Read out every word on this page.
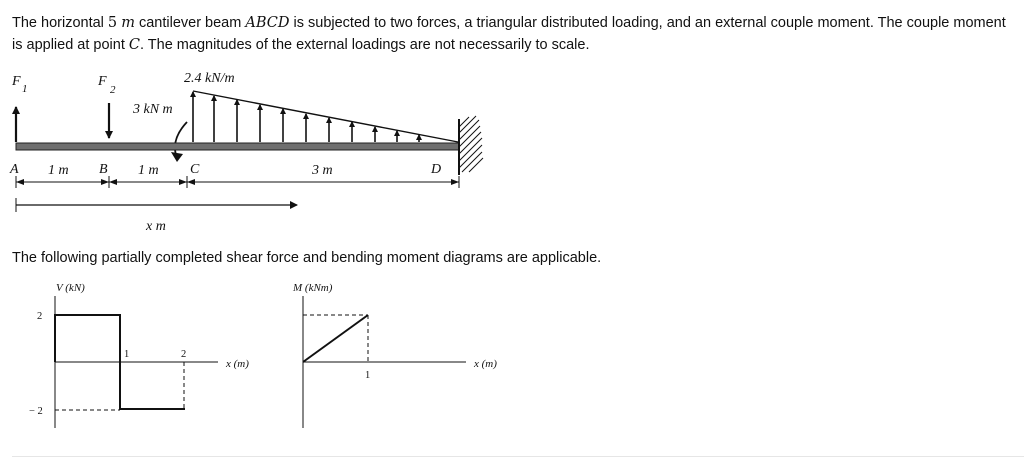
The horizontal 5 m cantilever beam ABCD is subjected to two forces, a triangular distributed loading, and an external couple moment. The couple moment is applied at point C. The magnitudes of the external loadings are not necessarily to scale.
F 1	F
2
2.4 kN/m
3 kN m
A	B	C	D
1 m	1 m	3 m
x m
V (kN)
x (m)
2
− 2
1	2
M (kNm)
x (m)
1
The following partially completed shear force and bending moment diagrams are applicable.
